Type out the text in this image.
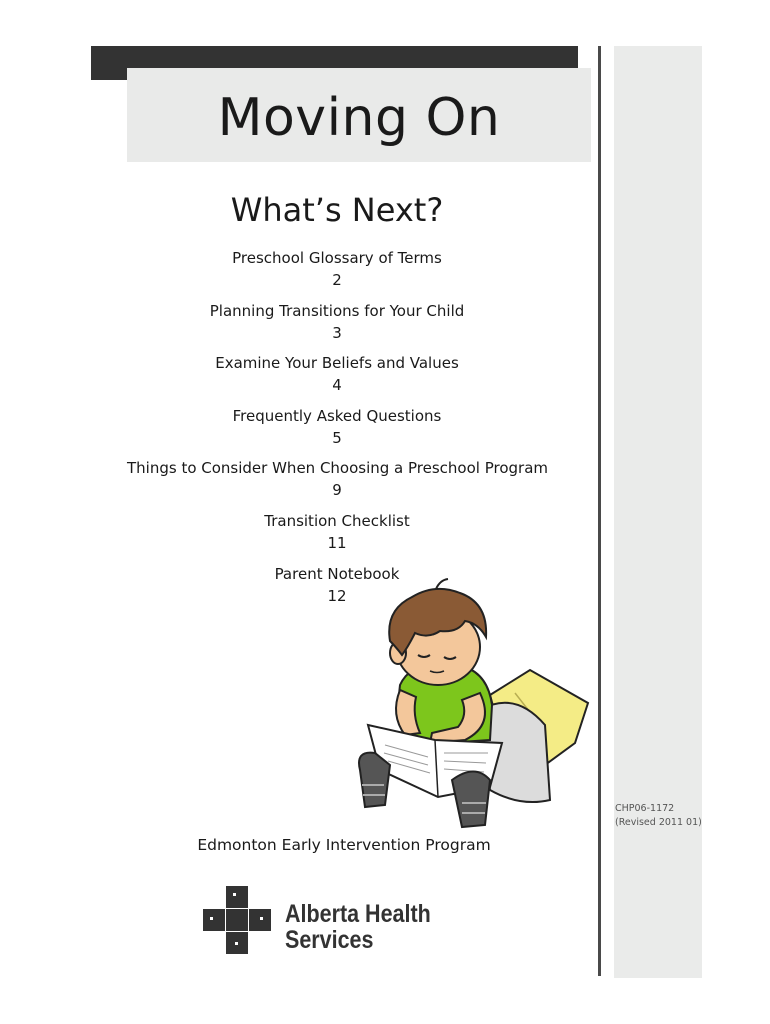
Moving On
CHP06-1172
(Revised 2011 01)
What’s Next?
Preschool Glossary of Terms
2
Planning Transitions for Your Child
3
Examine Your Beliefs and Values
4
Frequently Asked Questions
5
Things to Consider When Choosing a Preschool Program
9
Transition Checklist
11
Parent Notebook
12
Edmonton Early Intervention Program
Alberta Health
Services
